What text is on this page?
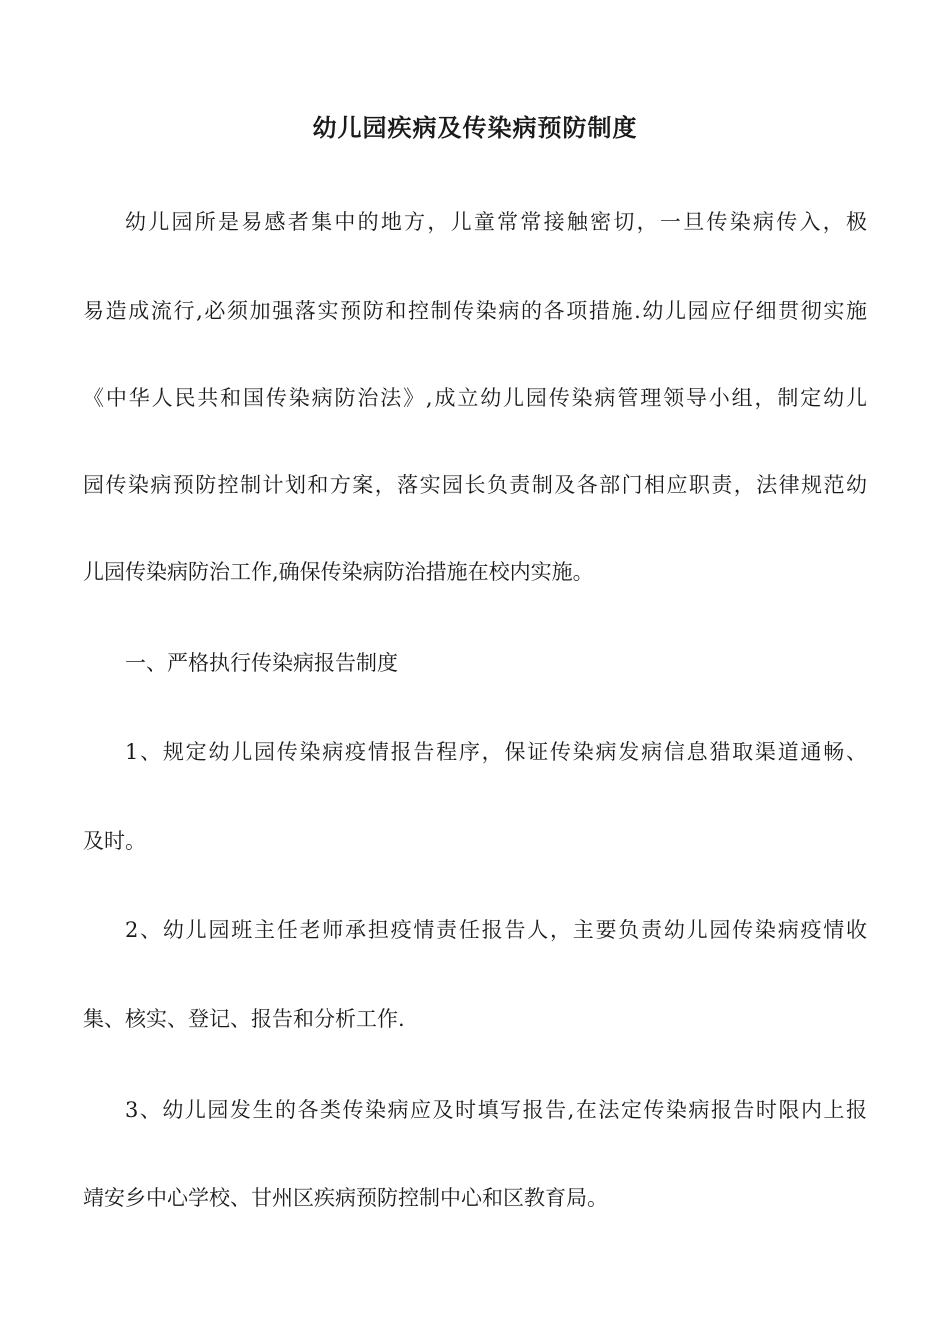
幼儿园疾病及传染病预防制度

幼儿园所是易感者集中的地方，儿童常常接触密切，一旦传染病传入，极

易造成流行,必须加强落实预防和控制传染病的各项措施.幼儿园应仔细贯彻实施

《中华人民共和国传染病防治法》,成立幼儿园传染病管理领导小组，制定幼儿

园传染病预防控制计划和方案，落实园长负责制及各部门相应职责，法律规范幼

儿园传染病防治工作,确保传染病防治措施在校内实施。

一、严格执行传染病报告制度

1、规定幼儿园传染病疫情报告程序，保证传染病发病信息猎取渠道通畅、

及时。

2、幼儿园班主任老师承担疫情责任报告人，主要负责幼儿园传染病疫情收

集、核实、登记、报告和分析工作.

3、幼儿园发生的各类传染病应及时填写报告,在法定传染病报告时限内上报

靖安乡中心学校、甘州区疾病预防控制中心和区教育局。
